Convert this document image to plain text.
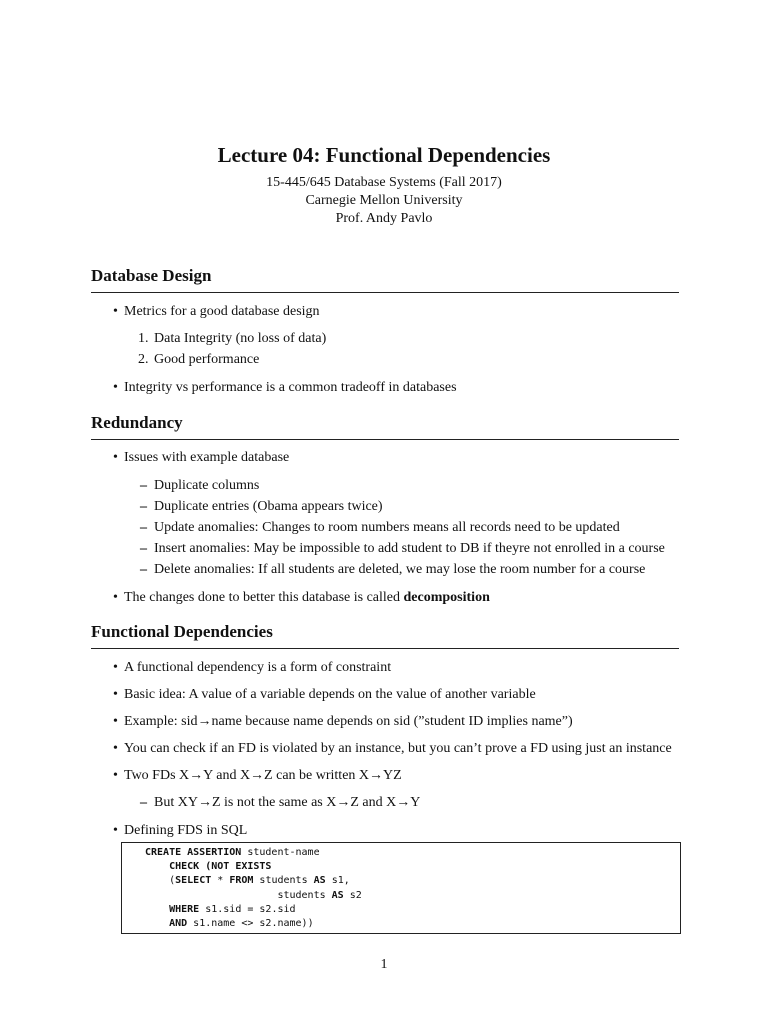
Lecture 04: Functional Dependencies
15-445/645 Database Systems (Fall 2017)
Carnegie Mellon University
Prof. Andy Pavlo
Database Design
• Metrics for a good database design
1. Data Integrity (no loss of data)
2. Good performance
• Integrity vs performance is a common tradeoff in databases
Redundancy
• Issues with example database
– Duplicate columns
– Duplicate entries (Obama appears twice)
– Update anomalies: Changes to room numbers means all records need to be updated
– Insert anomalies: May be impossible to add student to DB if theyre not enrolled in a course
– Delete anomalies: If all students are deleted, we may lose the room number for a course
• The changes done to better this database is called decomposition
Functional Dependencies
• A functional dependency is a form of constraint
• Basic idea: A value of a variable depends on the value of another variable
• Example: sid→name because name depends on sid (”student ID implies name”)
• You can check if an FD is violated by an instance, but you can’t prove a FD using just an instance
• Two FDs X→Y and X→Z can be written X→YZ
– But XY→Z is not the same as X→Z and X→Y
• Defining FDS in SQL
CREATE ASSERTION student-name
CHECK (NOT EXISTS
(SELECT * FROM students AS s1,
students AS s2
WHERE s1.sid = s2.sid
AND s1.name <> s2.name))
1
